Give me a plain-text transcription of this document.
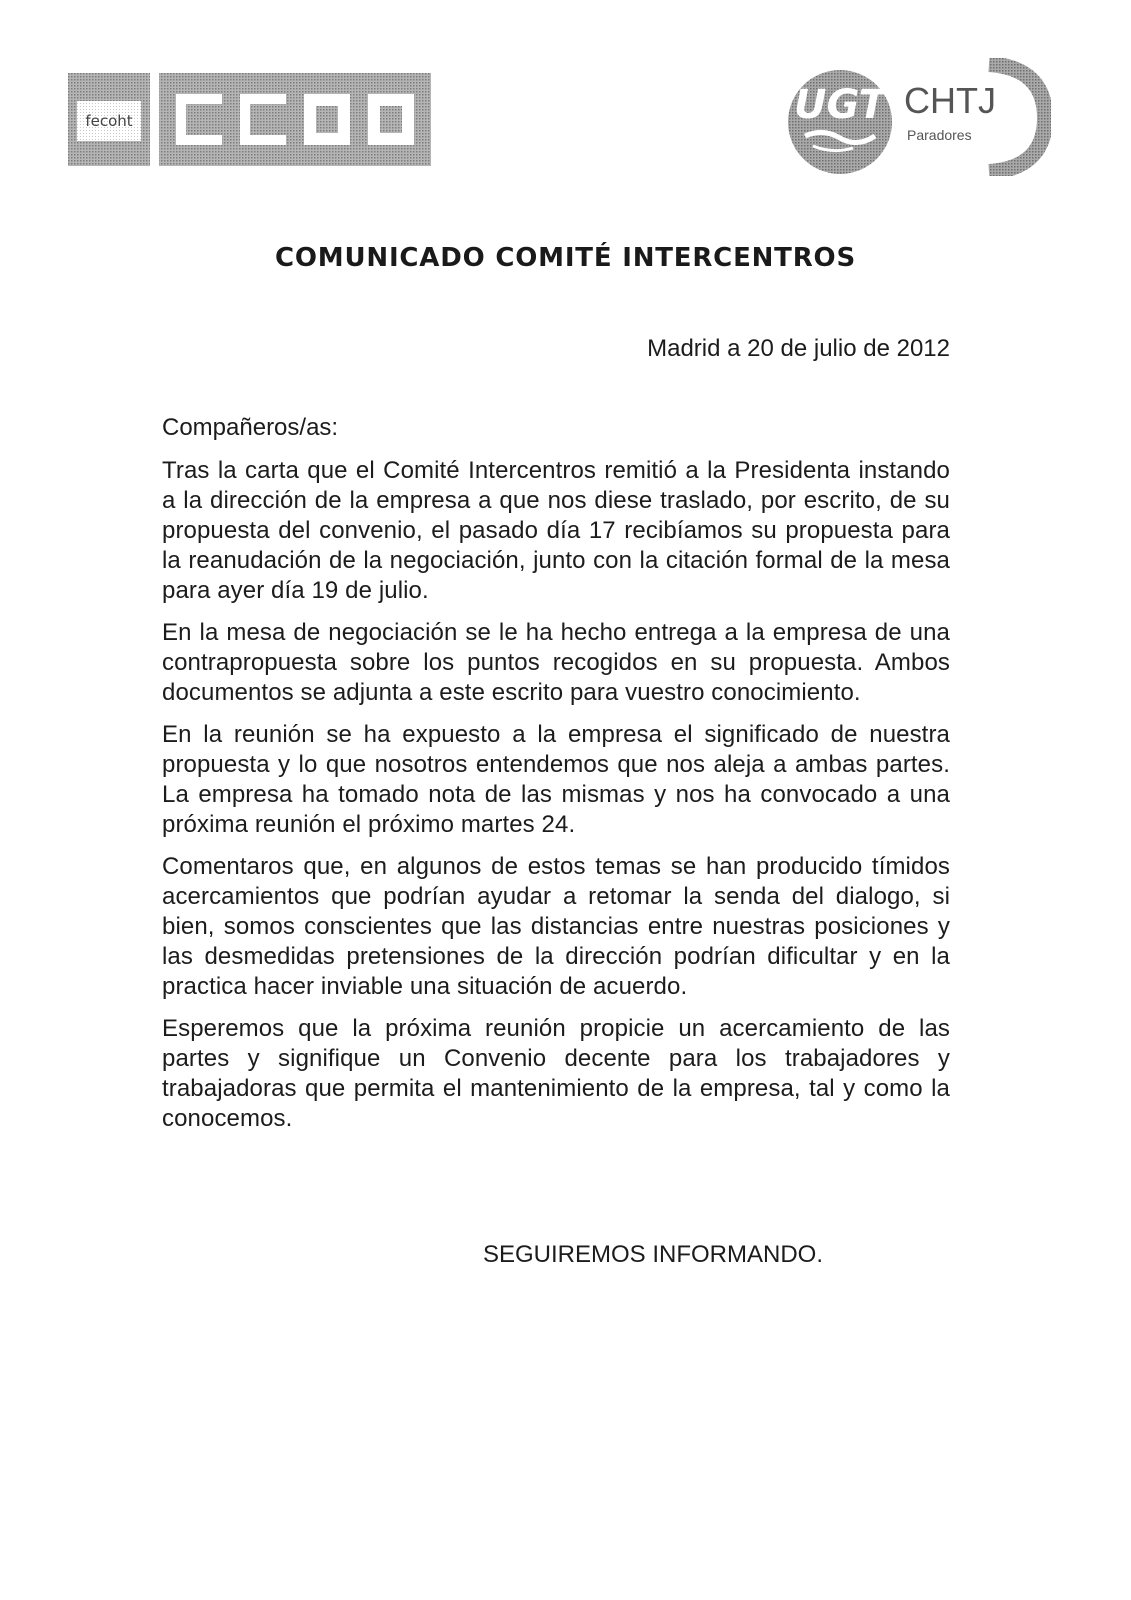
fecoht	UGT CHTJ
Paradores
COMUNICADO COMITÉ INTERCENTROS

Madrid a 20 de julio de 2012

Compañeros/as:

Tras la carta que el Comité Intercentros remitió a la Presidenta instando a la dirección de la empresa a que nos diese traslado, por escrito, de su propuesta del convenio, el pasado día 17 recibíamos su propuesta para la reanudación de la negociación, junto con la citación formal de la mesa para ayer día 19 de julio.

En la mesa de negociación se le ha hecho entrega a la empresa de una contrapropuesta sobre los puntos recogidos en su propuesta. Ambos documentos se adjunta a este escrito para vuestro conocimiento.

En la reunión se ha expuesto a la empresa el significado de nuestra propuesta y lo que nosotros entendemos que nos aleja a ambas partes. La empresa ha tomado nota de las mismas y nos ha convocado a una próxima reunión el próximo martes 24.

Comentaros que, en algunos de estos temas se han producido tímidos acercamientos que podrían ayudar a retomar la senda del dialogo, si bien, somos conscientes que las distancias entre nuestras posiciones y las desmedidas pretensiones de la dirección podrían dificultar y en la practica hacer inviable una situación de acuerdo.

Esperemos que la próxima reunión propicie un acercamiento de las partes y signifique un Convenio decente para los trabajadores y trabajadoras que permita el mantenimiento de la empresa, tal y como la conocemos.

SEGUIREMOS INFORMANDO.
